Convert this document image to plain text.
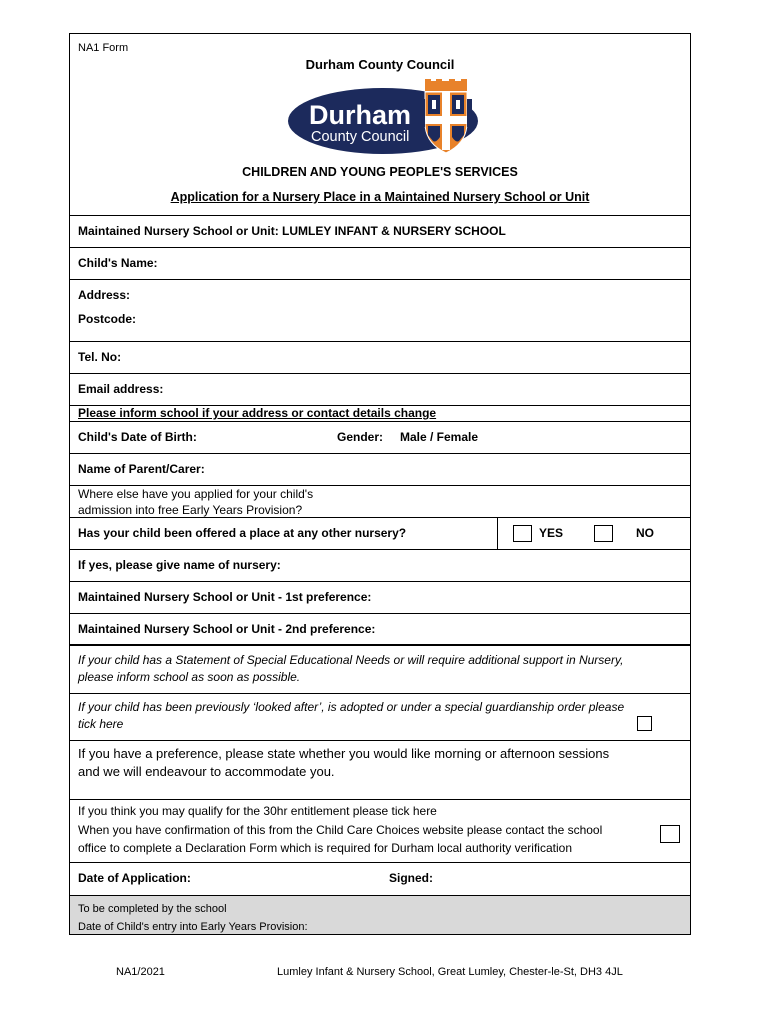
NA1 Form
Durham County Council
Durham
County Council
CHILDREN AND YOUNG PEOPLE'S SERVICES
Application for a Nursery Place in a Maintained Nursery School or Unit
Maintained Nursery School or Unit: LUMLEY INFANT & NURSERY SCHOOL
Child's Name:
Address:
Postcode:
Tel. No:
Email address:
Please inform school if your address or contact details change
Child's Date of Birth:	Gender: Male / Female
Name of Parent/Carer:
Where else have you applied for your child's
admission into free Early Years Provision?
Has your child been offered a place at any other nursery?	YES	NO
If yes, please give name of nursery:
Maintained Nursery School or Unit - 1st preference:
Maintained Nursery School or Unit - 2nd preference:
If your child has a Statement of Special Educational Needs or will require additional support in Nursery,
please inform school as soon as possible.
If your child has been previously ‘looked after’, is adopted or under a special guardianship order please
tick here
If you have a preference, please state whether you would like morning or afternoon sessions
and we will endeavour to accommodate you.
If you think you may qualify for the 30hr entitlement please tick here
When you have confirmation of this from the Child Care Choices website please contact the school
office to complete a Declaration Form which is required for Durham local authority verification
Date of Application:	Signed:
To be completed by the school
Date of Child's entry into Early Years Provision:
NA1/2021	Lumley Infant & Nursery School, Great Lumley, Chester-le-St, DH3 4JL
